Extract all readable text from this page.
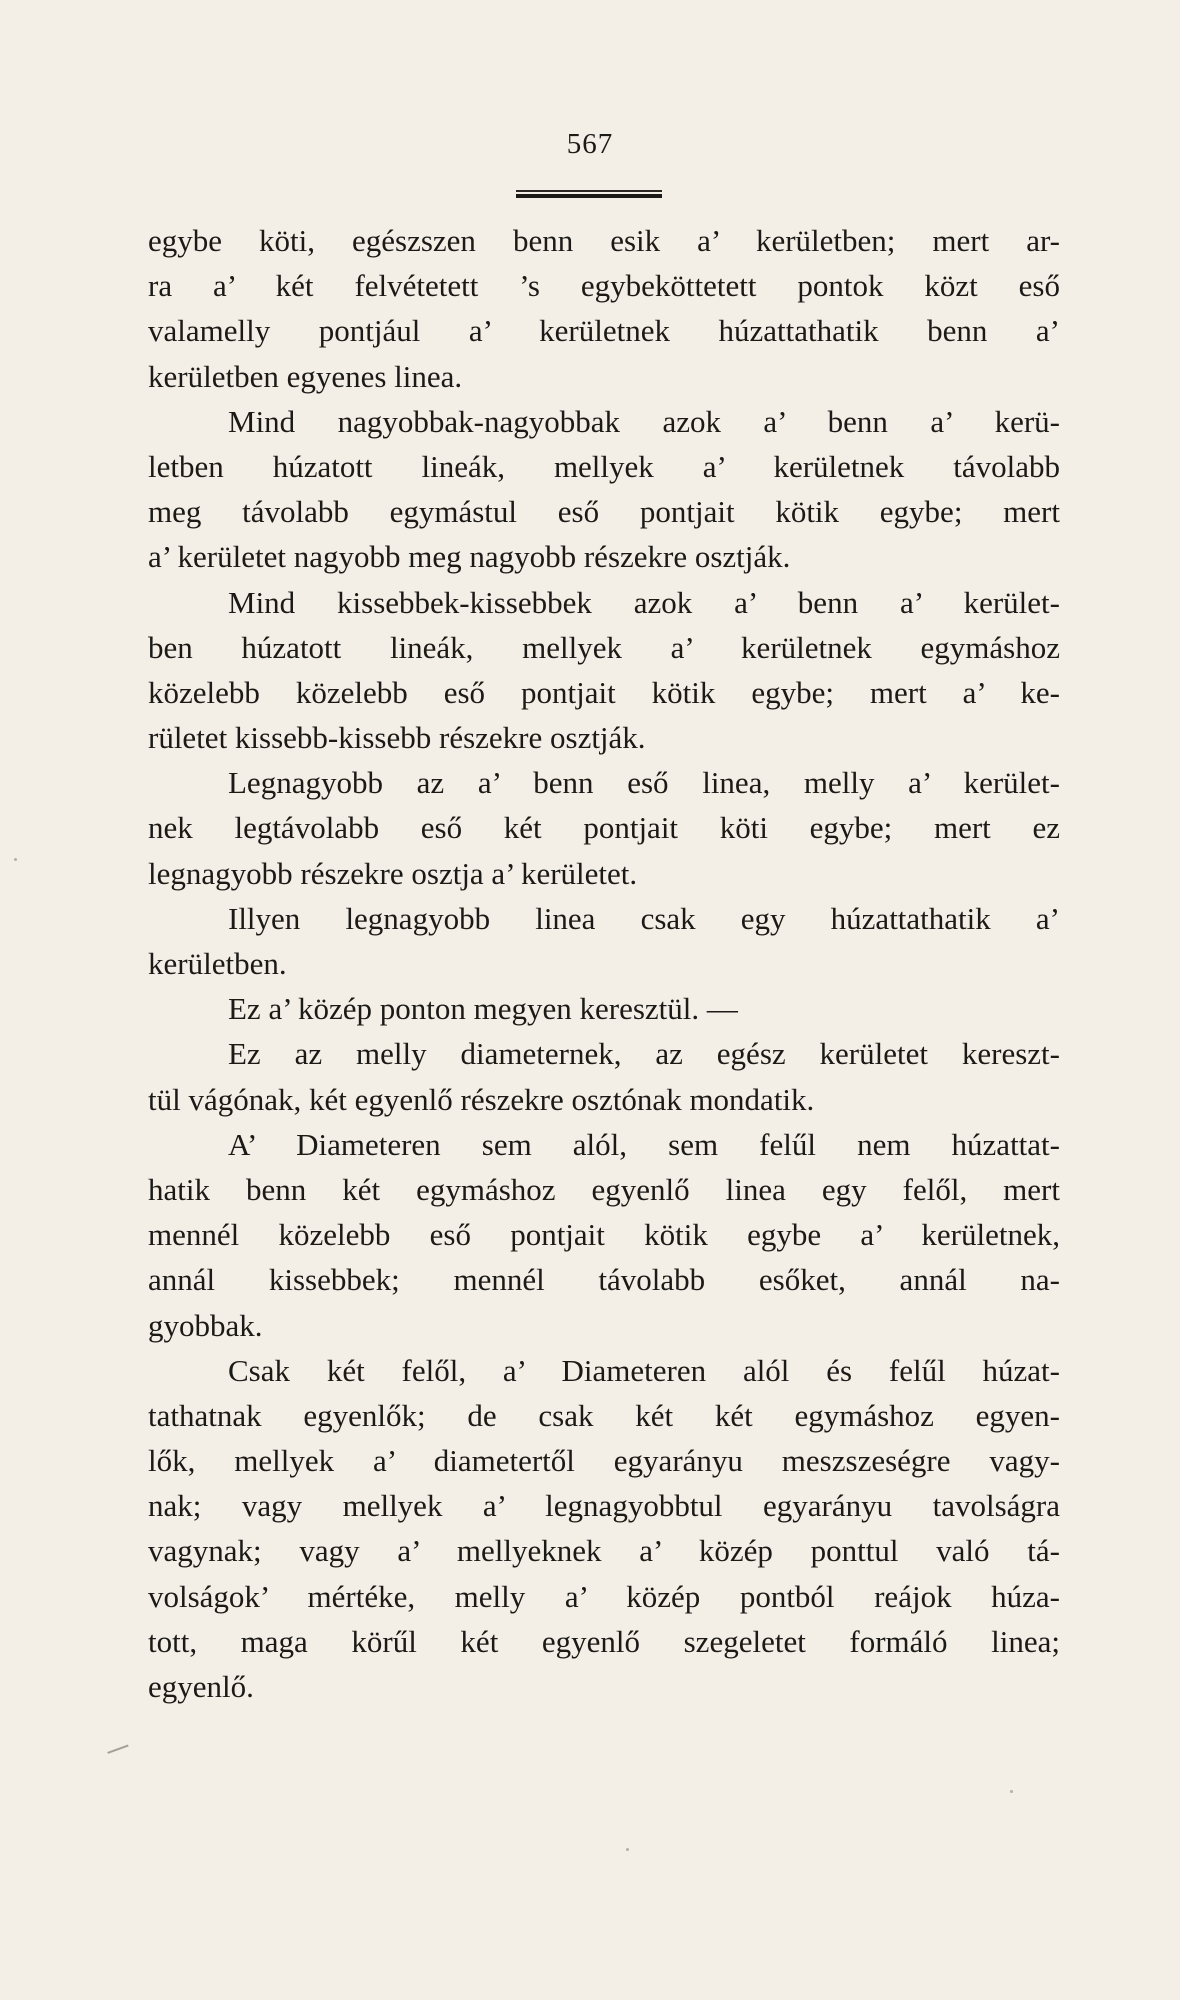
567
egybe köti, egészszen benn esik a’ kerületben; mert ar-
ra a’ két felvétetett ’s egybeköttetett pontok közt eső
valamelly pontjául a’ kerületnek húzattathatik benn a’
kerületben egyenes linea.
Mind nagyobbak-nagyobbak azok a’ benn a’ kerü-
letben húzatott lineák, mellyek a’ kerületnek távolabb
meg távolabb egymástul eső pontjait kötik egybe; mert
a’ kerületet nagyobb meg nagyobb részekre osztják.
Mind kissebbek-kissebbek azok a’ benn a’ kerület-
ben húzatott lineák, mellyek a’ kerületnek egymáshoz
közelebb közelebb eső pontjait kötik egybe; mert a’ ke-
rületet kissebb-kissebb részekre osztják.
Legnagyobb az a’ benn eső linea, melly a’ kerület-
nek legtávolabb eső két pontjait köti egybe; mert ez
legnagyobb részekre osztja a’ kerületet.
Illyen legnagyobb linea csak egy húzattathatik a’
kerületben.
Ez a’ közép ponton megyen keresztül. —
Ez az melly diameternek, az egész kerületet kereszt-
tül vágónak, két egyenlő részekre osztónak mondatik.
A’ Diameteren sem alól, sem felűl nem húzattat-
hatik benn két egymáshoz egyenlő linea egy felől, mert
mennél közelebb eső pontjait kötik egybe a’ kerületnek,
annál kissebbek; mennél távolabb esőket, annál na-
gyobbak.
Csak két felől, a’ Diameteren alól és felűl húzat-
tathatnak egyenlők; de csak két két egymáshoz egyen-
lők, mellyek a’ diametertől egyarányu meszszeségre vagy-
nak; vagy mellyek a’ legnagyobbtul egyarányu tavolságra
vagynak; vagy a’ mellyeknek a’ közép ponttul való tá-
volságok’ mértéke, melly a’ közép pontból reájok húza-
tott, maga körűl két egyenlő szegeletet formáló linea;
egyenlő.
